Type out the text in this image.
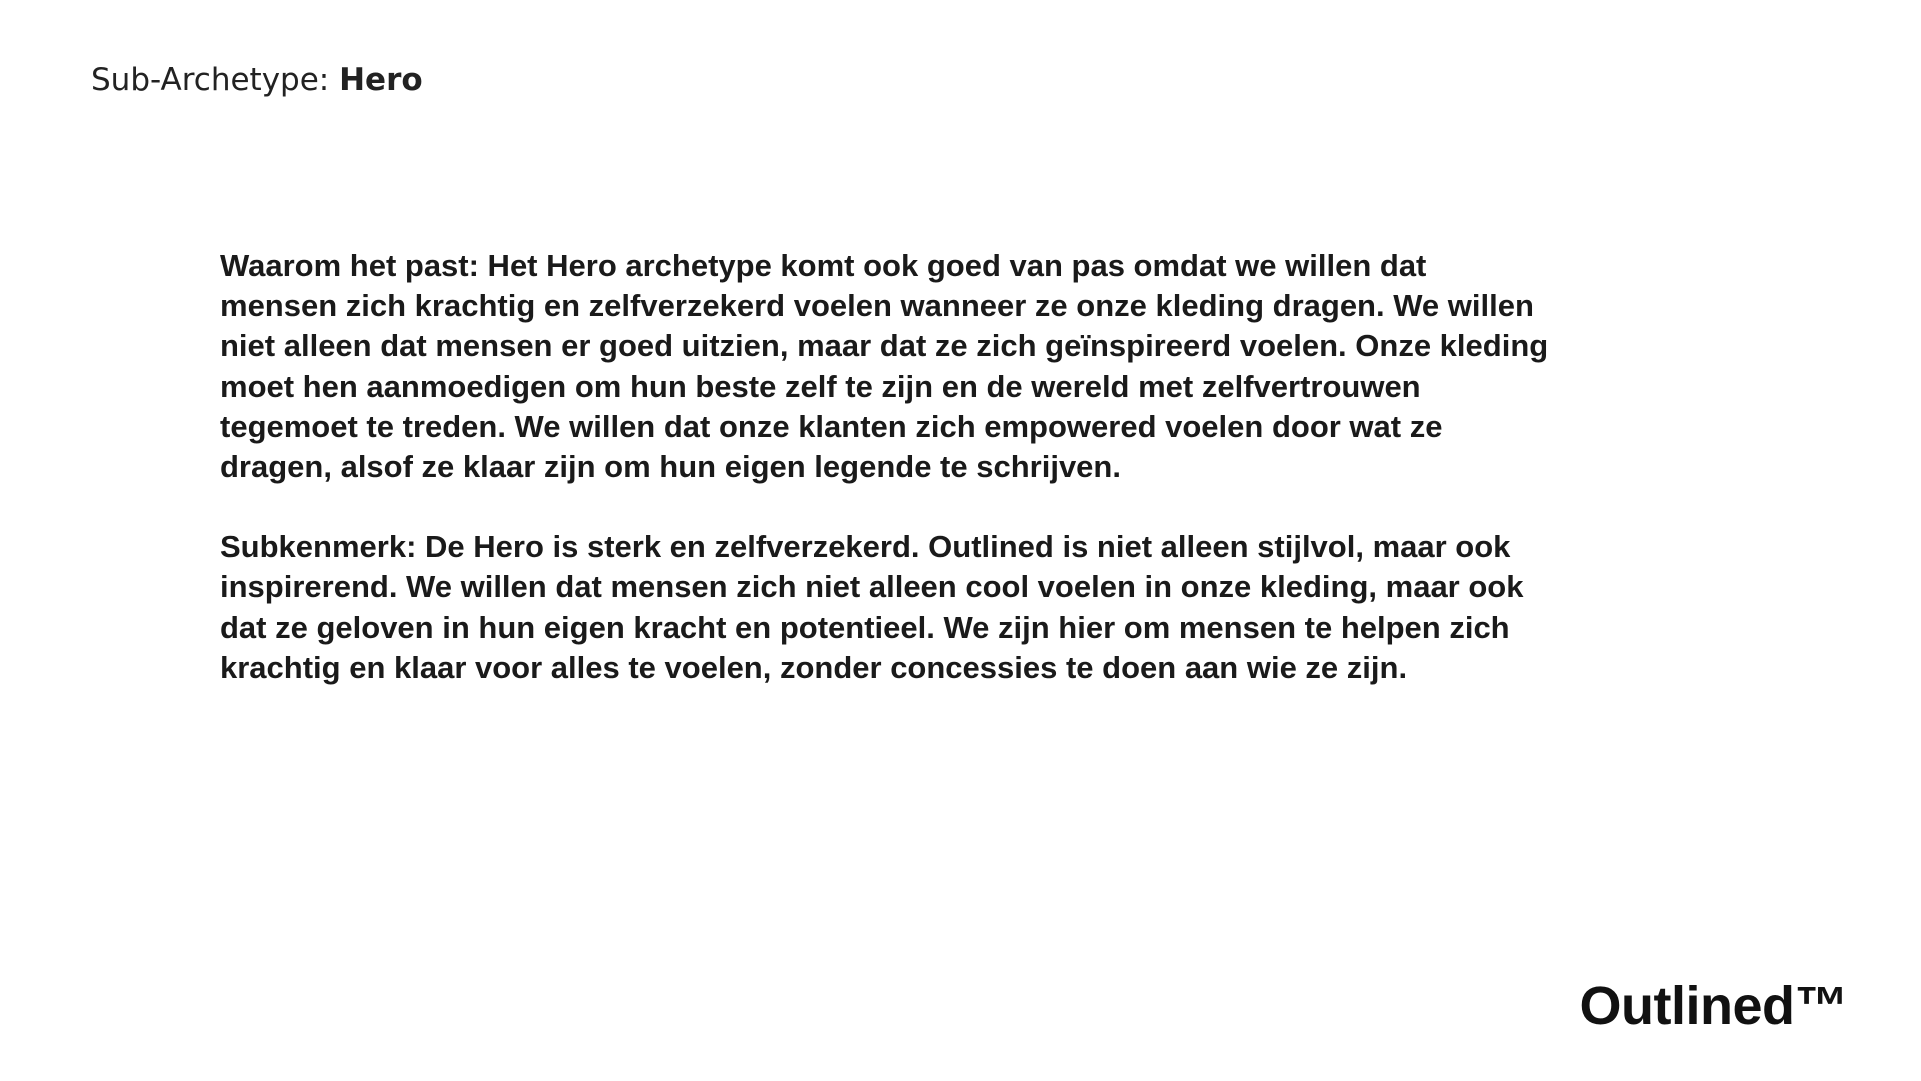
Sub-Archetype: Hero

Waarom het past: Het Hero archetype komt ook goed van pas omdat we willen dat
mensen zich krachtig en zelfverzekerd voelen wanneer ze onze kleding dragen. We willen
niet alleen dat mensen er goed uitzien, maar dat ze zich geïnspireerd voelen. Onze kleding
moet hen aanmoedigen om hun beste zelf te zijn en de wereld met zelfvertrouwen
tegemoet te treden. We willen dat onze klanten zich empowered voelen door wat ze
dragen, alsof ze klaar zijn om hun eigen legende te schrijven.

Subkenmerk: De Hero is sterk en zelfverzekerd. Outlined is niet alleen stijlvol, maar ook
inspirerend. We willen dat mensen zich niet alleen cool voelen in onze kleding, maar ook
dat ze geloven in hun eigen kracht en potentieel. We zijn hier om mensen te helpen zich
krachtig en klaar voor alles te voelen, zonder concessies te doen aan wie ze zijn.

Outlined™
